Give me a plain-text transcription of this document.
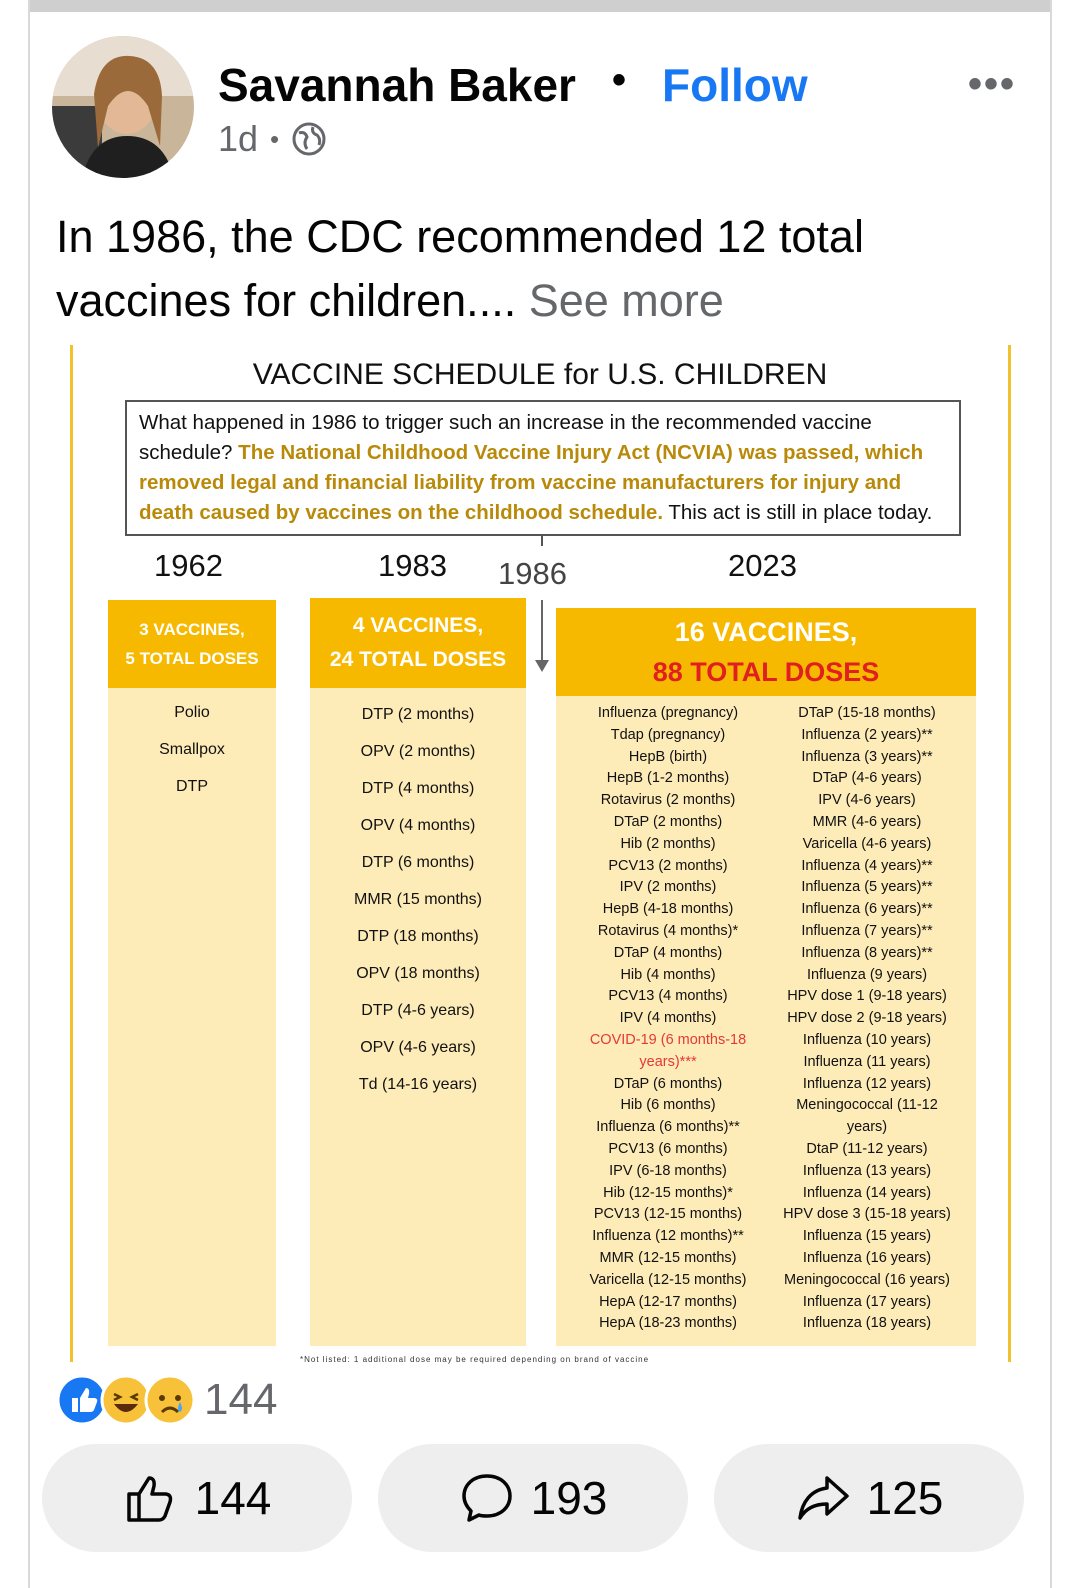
Savannah Baker • Follow	•••
1d •
In 1986, the CDC recommended 12 total vaccines for children.... See more
VACCINE SCHEDULE for U.S. CHILDREN
What happened in 1986 to trigger such an increase in the recommended vaccine schedule? The National Childhood Vaccine Injury Act (NCVIA) was passed, which removed legal and financial liability from vaccine manufacturers for injury and death caused by vaccines on the childhood schedule. This act is still in place today.
1962	1983 1986	2023
3 VACCINES,
5 TOTAL DOSES
Polio
Smallpox
DTP
4 VACCINES,
24 TOTAL DOSES
DTP (2 months)
OPV (2 months)
DTP (4 months)
OPV (4 months)
DTP (6 months)
MMR (15 months)
DTP (18 months)
OPV (18 months)
DTP (4-6 years)
OPV (4-6 years)
Td (14-16 years)
16 VACCINES,
88 TOTAL DOSES
Influenza (pregnancy)
Tdap (pregnancy)
HepB (birth)
HepB (1-2 months)
Rotavirus (2 months)
DTaP (2 months)
Hib (2 months)
PCV13 (2 months)
IPV (2 months)
HepB (4-18 months)
Rotavirus (4 months)*
DTaP (4 months)
Hib (4 months)
PCV13 (4 months)
IPV (4 months)
COVID-19 (6 months-18
years)***
DTaP (6 months)
Hib (6 months)
Influenza (6 months)**
PCV13 (6 months)
IPV (6-18 months)
Hib (12-15 months)*
PCV13 (12-15 months)
Influenza (12 months)**
MMR (12-15 months)
Varicella (12-15 months)
HepA (12-17 months)
HepA (18-23 months)
DTaP (15-18 months)
Influenza (2 years)**
Influenza (3 years)**
DTaP (4-6 years)
IPV (4-6 years)
MMR (4-6 years)
Varicella (4-6 years)
Influenza (4 years)**
Influenza (5 years)**
Influenza (6 years)**
Influenza (7 years)**
Influenza (8 years)**
Influenza (9 years)
HPV dose 1 (9-18 years)
HPV dose 2 (9-18 years)
Influenza (10 years)
Influenza (11 years)
Influenza (12 years)
Meningococcal (11-12
years)
DtaP (11-12 years)
Influenza (13 years)
Influenza (14 years)
HPV dose 3 (15-18 years)
Influenza (15 years)
Influenza (16 years)
Meningococcal (16 years)
Influenza (17 years)
Influenza (18 years)
*Not listed: 1 additional dose may be required depending on brand of vaccine
144
144	193	125
